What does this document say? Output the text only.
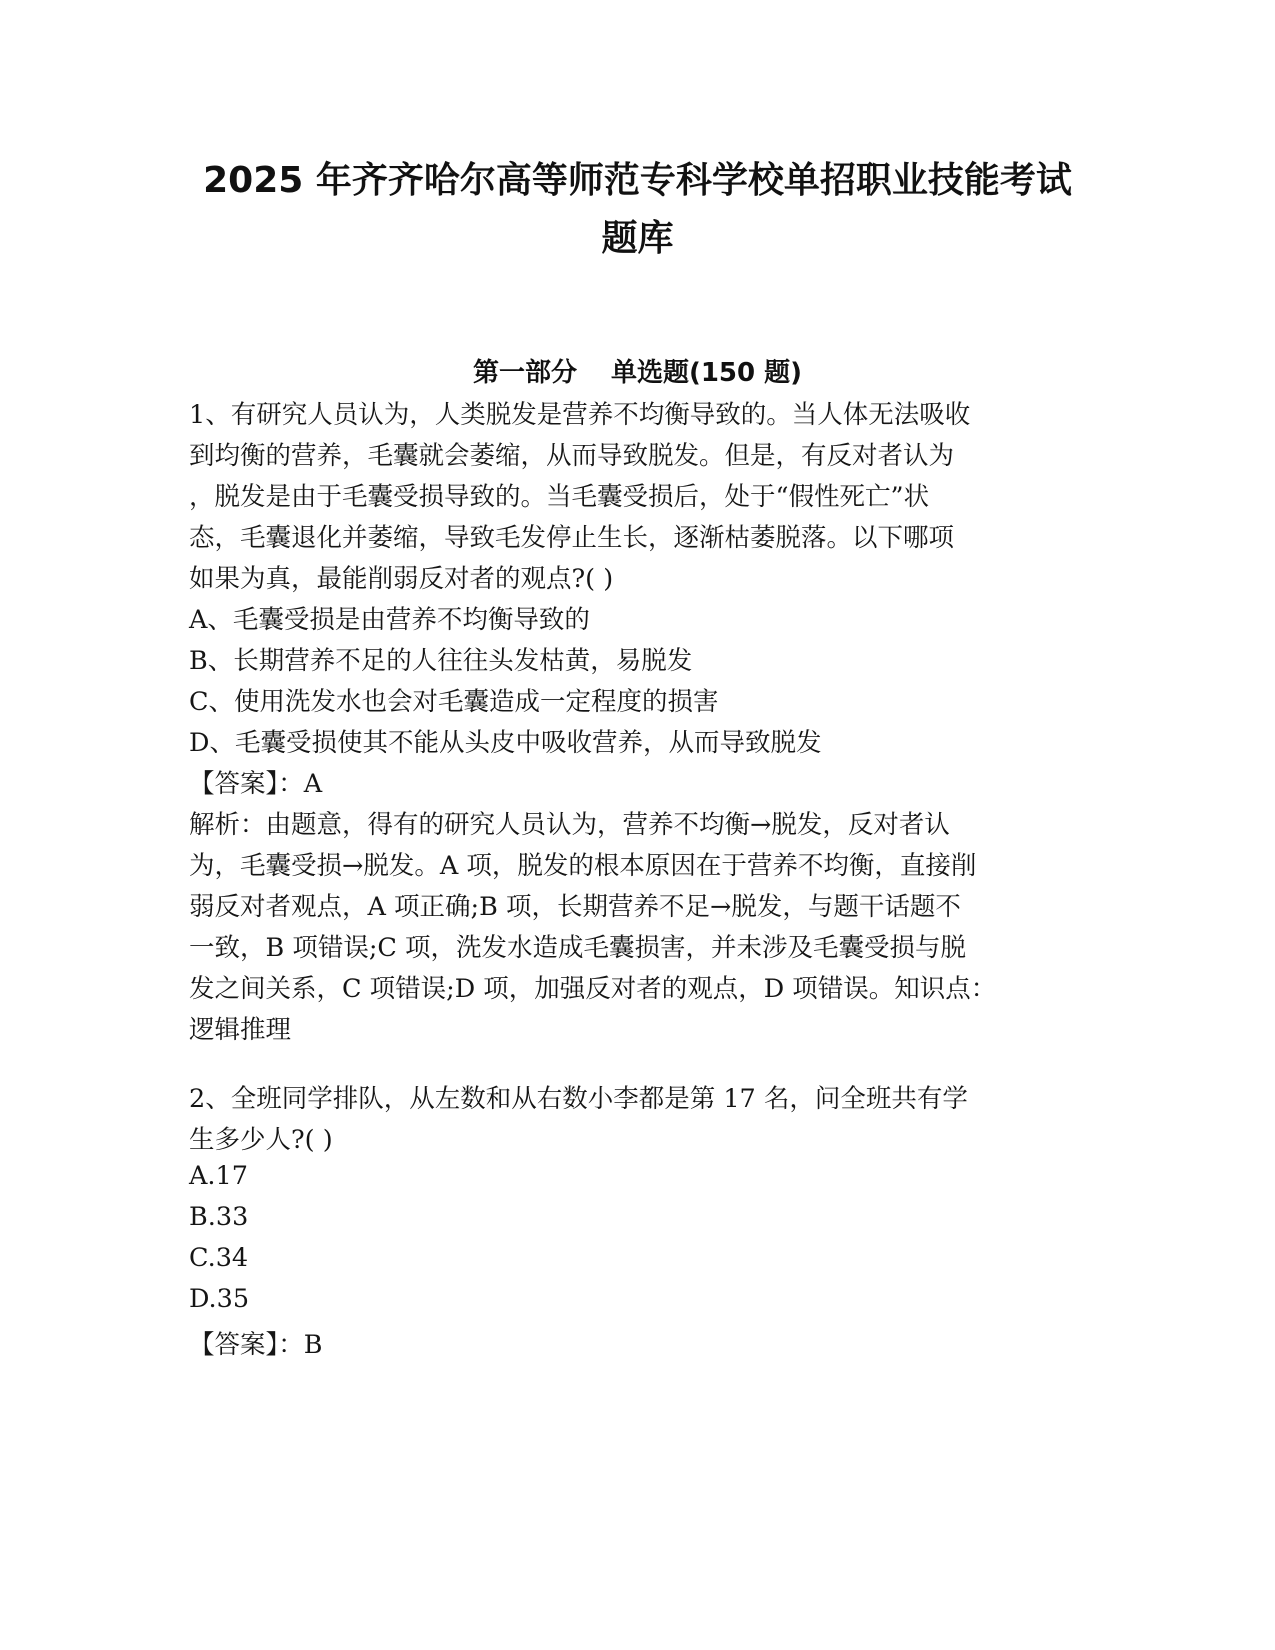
2025 年齐齐哈尔高等师范专科学校单招职业技能考试
题库
第一部分 单选题(150 题)
1、有研究人员认为，人类脱发是营养不均衡导致的。当人体无法吸收
到均衡的营养，毛囊就会萎缩，从而导致脱发。但是，有反对者认为
，脱发是由于毛囊受损导致的。当毛囊受损后，处于“假性死亡”状
态，毛囊退化并萎缩，导致毛发停止生长，逐渐枯萎脱落。以下哪项
如果为真，最能削弱反对者的观点?( )
A、毛囊受损是由营养不均衡导致的
B、长期营养不足的人往往头发枯黄，易脱发
C、使用洗发水也会对毛囊造成一定程度的损害
D、毛囊受损使其不能从头皮中吸收营养，从而导致脱发
【答案】：A
解析：由题意，得有的研究人员认为，营养不均衡→脱发，反对者认
为，毛囊受损→脱发。A 项，脱发的根本原因在于营养不均衡，直接削
弱反对者观点，A 项正确;B 项，长期营养不足→脱发，与题干话题不
一致，B 项错误;C 项，洗发水造成毛囊损害，并未涉及毛囊受损与脱
发之间关系，C 项错误;D 项，加强反对者的观点，D 项错误。知识点：
逻辑推理
2、全班同学排队，从左数和从右数小李都是第 17 名，问全班共有学
生多少人?( )
A.17
B.33
C.34
D.35
【答案】：B
